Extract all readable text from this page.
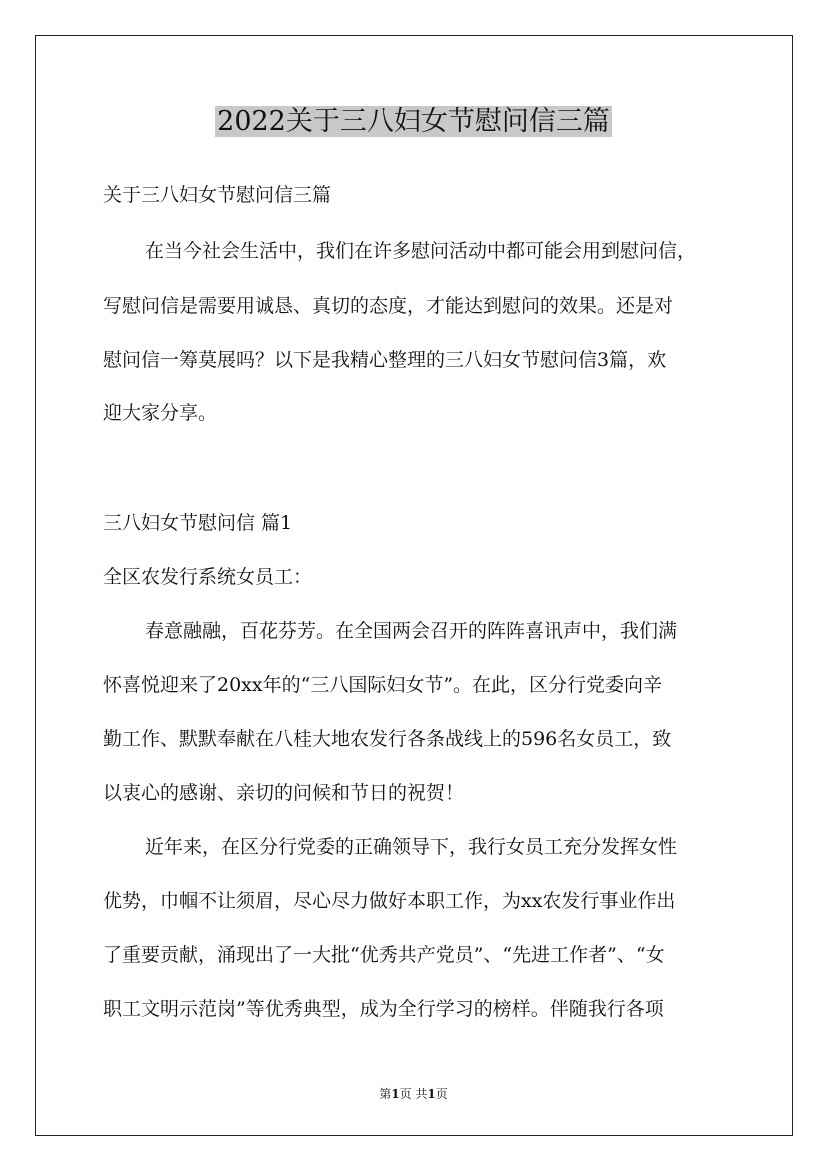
2022关于三八妇女节慰问信三篇
关于三八妇女节慰问信三篇
在当今社会生活中，我们在许多慰问活动中都可能会用到慰问信，
写慰问信是需要用诚恳、真切的态度，才能达到慰问的效果。还是对
慰问信一筹莫展吗？以下是我精心整理的三八妇女节慰问信3篇，欢
迎大家分享。
三八妇女节慰问信 篇1
全区农发行系统女员工：
春意融融，百花芬芳。在全国两会召开的阵阵喜讯声中，我们满
怀喜悦迎来了20xx年的“三八国际妇女节”。在此，区分行党委向辛
勤工作、默默奉献在八桂大地农发行各条战线上的596名女员工，致
以衷心的感谢、亲切的问候和节日的祝贺！
近年来，在区分行党委的正确领导下，我行女员工充分发挥女性
优势，巾帼不让须眉，尽心尽力做好本职工作，为xx农发行事业作出
了重要贡献，涌现出了一大批“优秀共产党员”、“先进工作者”、“女
职工文明示范岗”等优秀典型，成为全行学习的榜样。伴随我行各项
第1页 共1页
